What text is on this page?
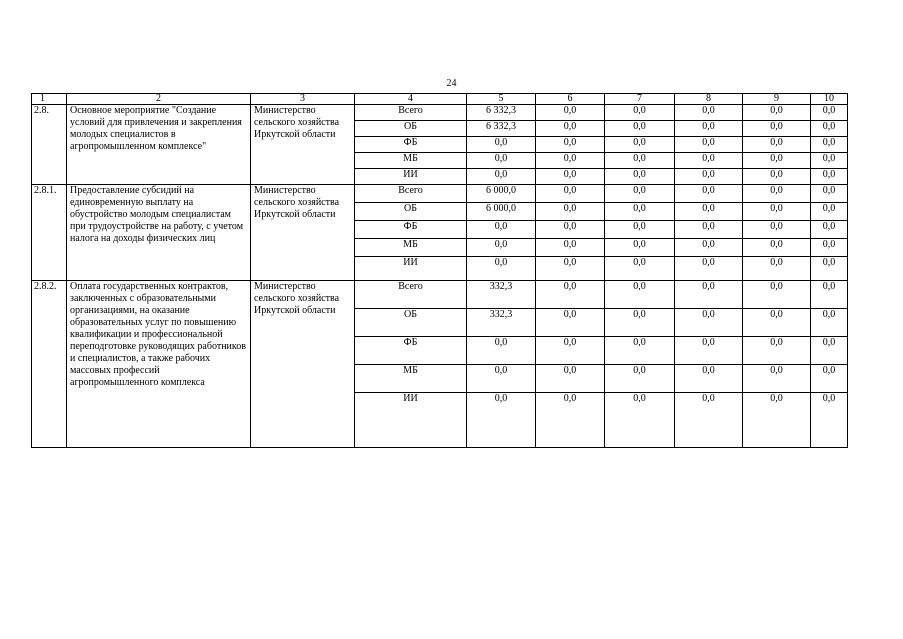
24
1	2	3	4	5	6	7	8	9	10
2.8.	Основное мероприятие "Создание условий для привлечения и закрепления молодых специалистов в агропромышленном комплексе"	Министерство сельского хозяйства Иркутской области	Всего	6 332,3	0,0	0,0	0,0	0,0	0,0
			ОБ	6 332,3	0,0	0,0	0,0	0,0	0,0
			ФБ	0,0	0,0	0,0	0,0	0,0	0,0
			МБ	0,0	0,0	0,0	0,0	0,0	0,0
			ИИ	0,0	0,0	0,0	0,0	0,0	0,0
2.8.1.	Предоставление субсидий на единовременную выплату на обустройство молодым специалистам при трудоустройстве на работу, с учетом налога на доходы физических лиц	Министерство сельского хозяйства Иркутской области	Всего	6 000,0	0,0	0,0	0,0	0,0	0,0
			ОБ	6 000,0	0,0	0,0	0,0	0,0	0,0
			ФБ	0,0	0,0	0,0	0,0	0,0	0,0
			МБ	0,0	0,0	0,0	0,0	0,0	0,0
			ИИ	0,0	0,0	0,0	0,0	0,0	0,0
2.8.2.	Оплата государственных контрактов, заключенных с образовательными организациями, на оказание образовательных услуг по повышению квалификации и профессиональной переподготовке руководящих работников и специалистов, а также рабочих массовых профессий агропромышленного комплекса	Министерство сельского хозяйства Иркутской области	Всего	332,3	0,0	0,0	0,0	0,0	0,0
			ОБ	332,3	0,0	0,0	0,0	0,0	0,0
			ФБ	0,0	0,0	0,0	0,0	0,0	0,0
			МБ	0,0	0,0	0,0	0,0	0,0	0,0
			ИИ	0,0	0,0	0,0	0,0	0,0	0,0
